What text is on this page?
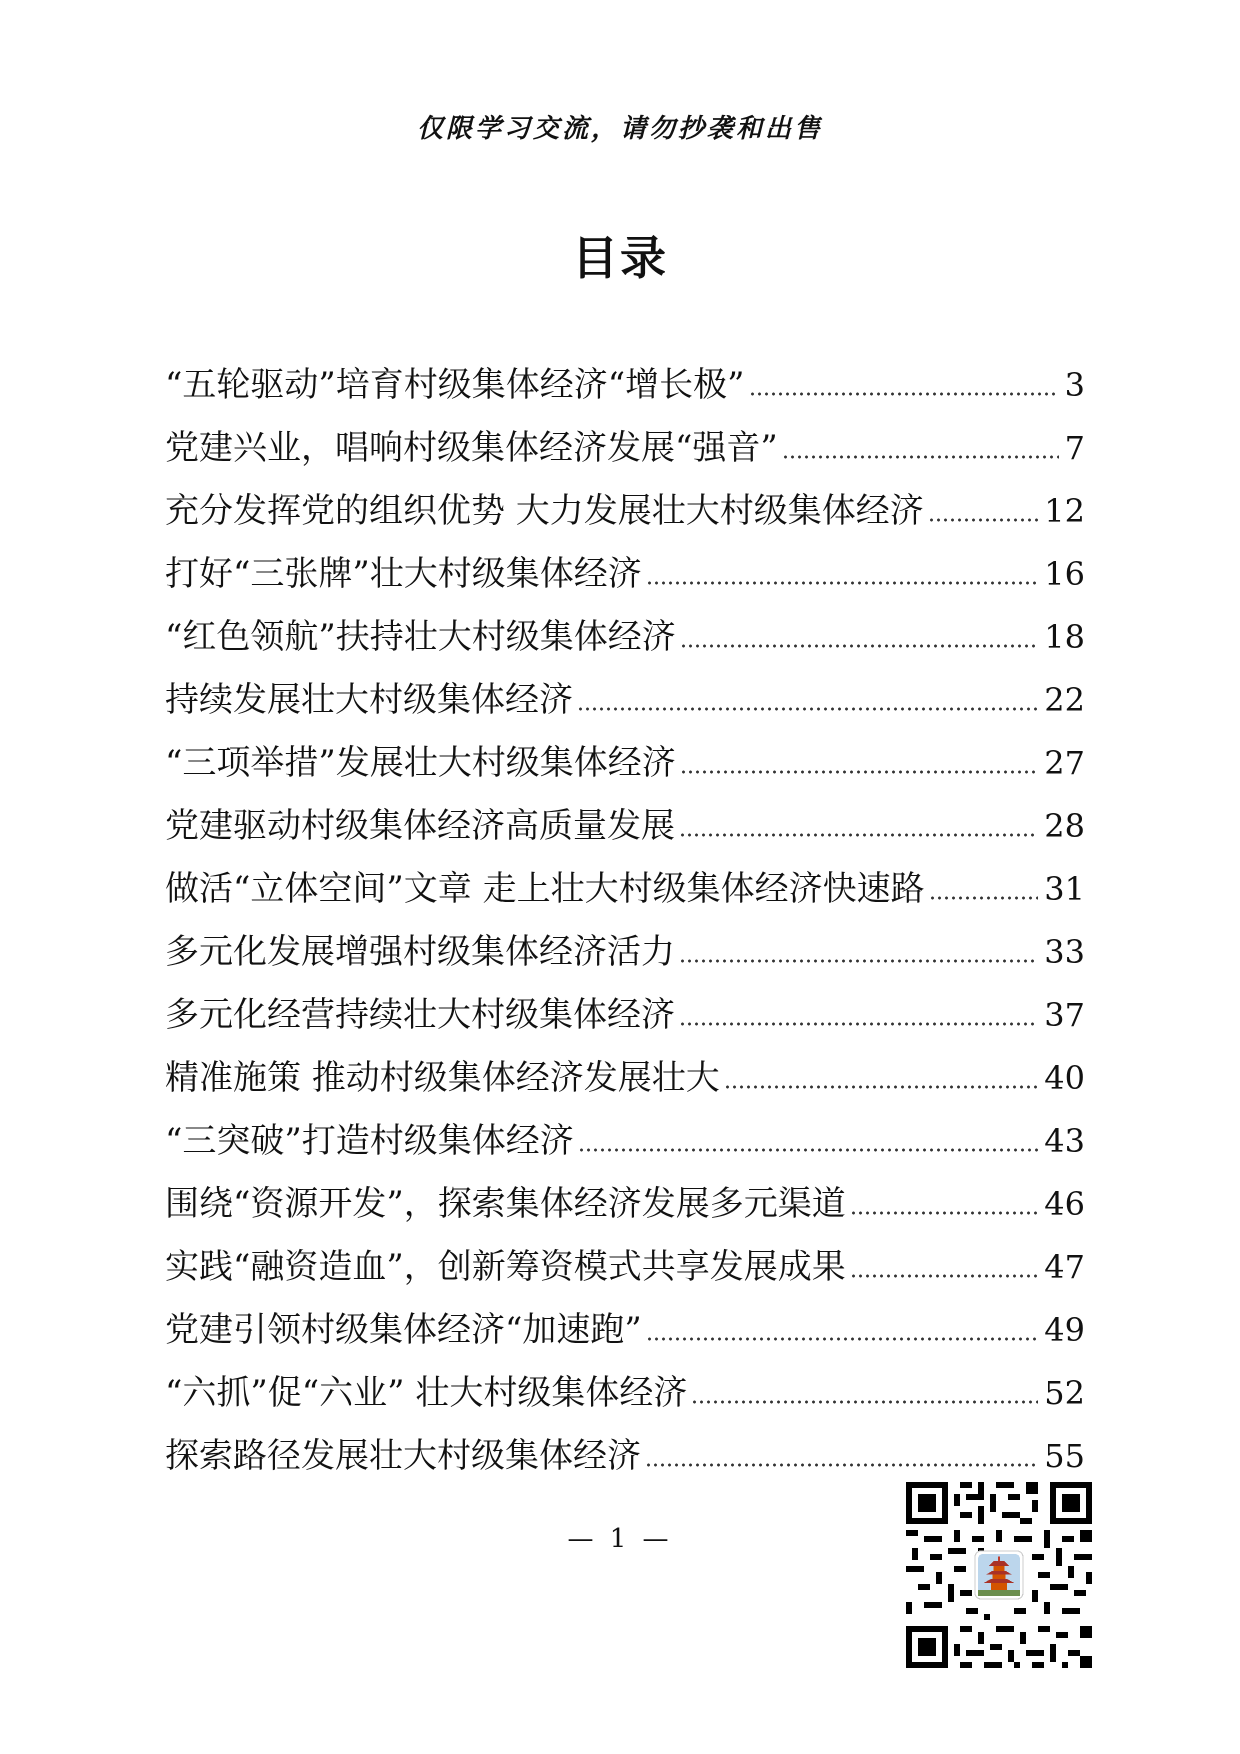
仅限学习交流，请勿抄袭和出售
目录
“五轮驱动”培育村级集体经济“增长极”	3
党建兴业，唱响村级集体经济发展“强音”	7
充分发挥党的组织优势 大力发展壮大村级集体经济	12
打好“三张牌”壮大村级集体经济	16
“红色领航”扶持壮大村级集体经济	18
持续发展壮大村级集体经济	22
“三项举措”发展壮大村级集体经济	27
党建驱动村级集体经济高质量发展	28
做活“立体空间”文章 走上壮大村级集体经济快速路	31
多元化发展增强村级集体经济活力	33
多元化经营持续壮大村级集体经济	37
精准施策 推动村级集体经济发展壮大	40
“三突破”打造村级集体经济	43
围绕“资源开发”，探索集体经济发展多元渠道	46
实践“融资造血”，创新筹资模式共享发展成果	47
党建引领村级集体经济“加速跑”	49
“六抓”促“六业” 壮大村级集体经济	52
探索路径发展壮大村级集体经济	55
— 1 —
